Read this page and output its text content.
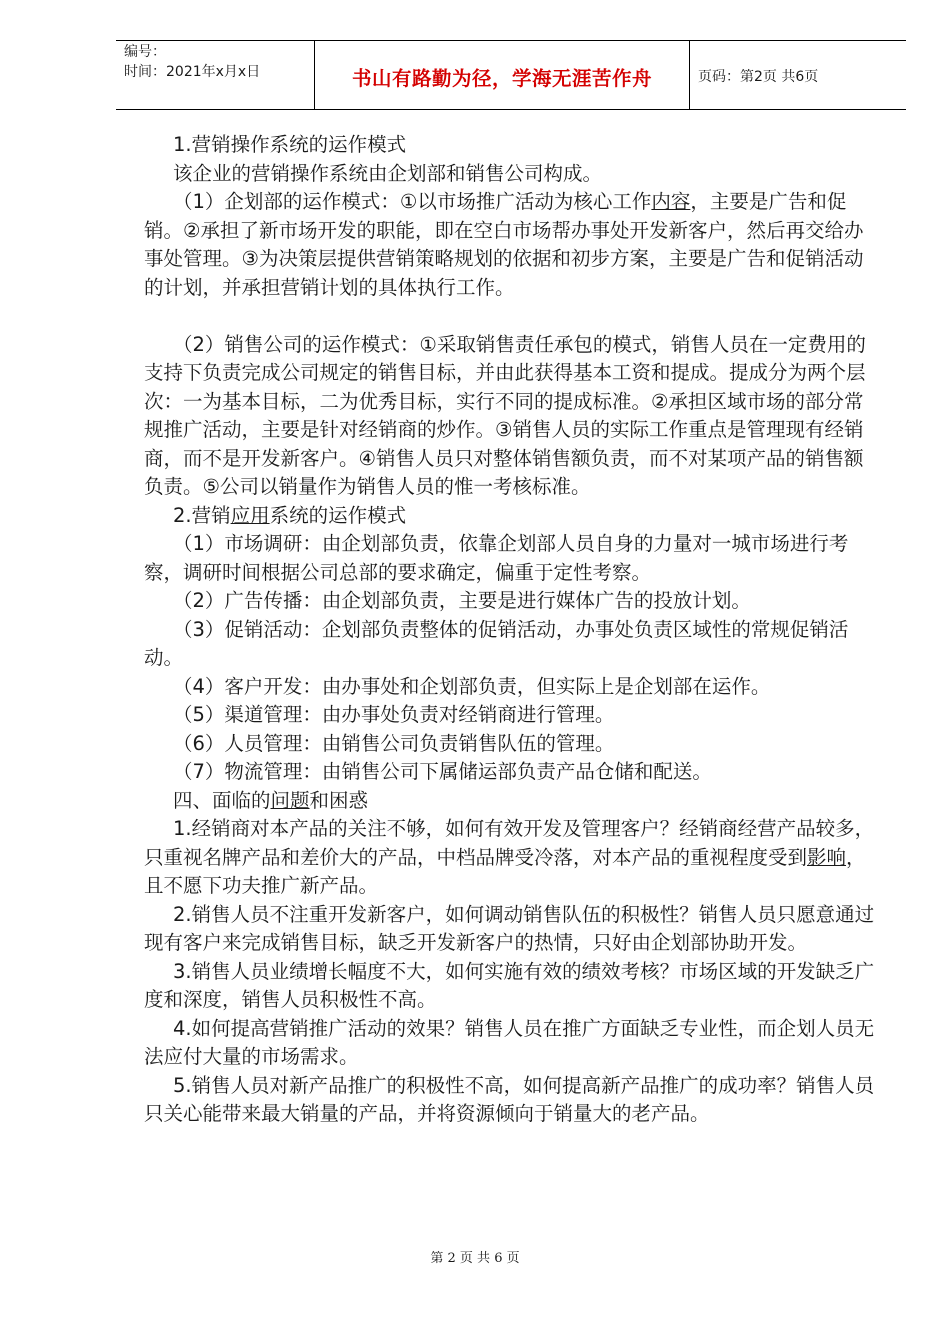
编号：
时间：2021年x月x日	书山有路勤为径，学海无涯苦作舟	页码：第2页 共6页

1.营销操作系统的运作模式

该企业的营销操作系统由企划部和销售公司构成。

（1）企划部的运作模式：①以市场推广活动为核心工作内容，主要是广告和促销。②承担了新市场开发的职能，即在空白市场帮办事处开发新客户，然后再交给办事处管理。③为决策层提供营销策略规划的依据和初步方案，主要是广告和促销活动的计划，并承担营销计划的具体执行工作。

（2）销售公司的运作模式：①采取销售责任承包的模式，销售人员在一定费用的支持下负责完成公司规定的销售目标，并由此获得基本工资和提成。提成分为两个层次：一为基本目标，二为优秀目标，实行不同的提成标准。②承担区域市场的部分常规推广活动，主要是针对经销商的炒作。③销售人员的实际工作重点是管理现有经销商，而不是开发新客户。④销售人员只对整体销售额负责，而不对某项产品的销售额负责。⑤公司以销量作为销售人员的惟一考核标准。

2.营销应用系统的运作模式

（1）市场调研：由企划部负责，依靠企划部人员自身的力量对一城市场进行考察，调研时间根据公司总部的要求确定，偏重于定性考察。

（2）广告传播：由企划部负责，主要是进行媒体广告的投放计划。

（3）促销活动：企划部负责整体的促销活动，办事处负责区域性的常规促销活动。

（4）客户开发：由办事处和企划部负责，但实际上是企划部在运作。

（5）渠道管理：由办事处负责对经销商进行管理。

（6）人员管理：由销售公司负责销售队伍的管理。

（7）物流管理：由销售公司下属储运部负责产品仓储和配送。

四、面临的问题和困惑

1.经销商对本产品的关注不够，如何有效开发及管理客户？经销商经营产品较多，只重视名牌产品和差价大的产品，中档品牌受冷落，对本产品的重视程度受到影响，且不愿下功夫推广新产品。

2.销售人员不注重开发新客户，如何调动销售队伍的积极性？销售人员只愿意通过现有客户来完成销售目标，缺乏开发新客户的热情，只好由企划部协助开发。

3.销售人员业绩增长幅度不大，如何实施有效的绩效考核？市场区域的开发缺乏广度和深度，销售人员积极性不高。

4.如何提高营销推广活动的效果？销售人员在推广方面缺乏专业性，而企划人员无法应付大量的市场需求。

5.销售人员对新产品推广的积极性不高，如何提高新产品推广的成功率？销售人员只关心能带来最大销量的产品，并将资源倾向于销量大的老产品。

第 2 页 共 6 页
